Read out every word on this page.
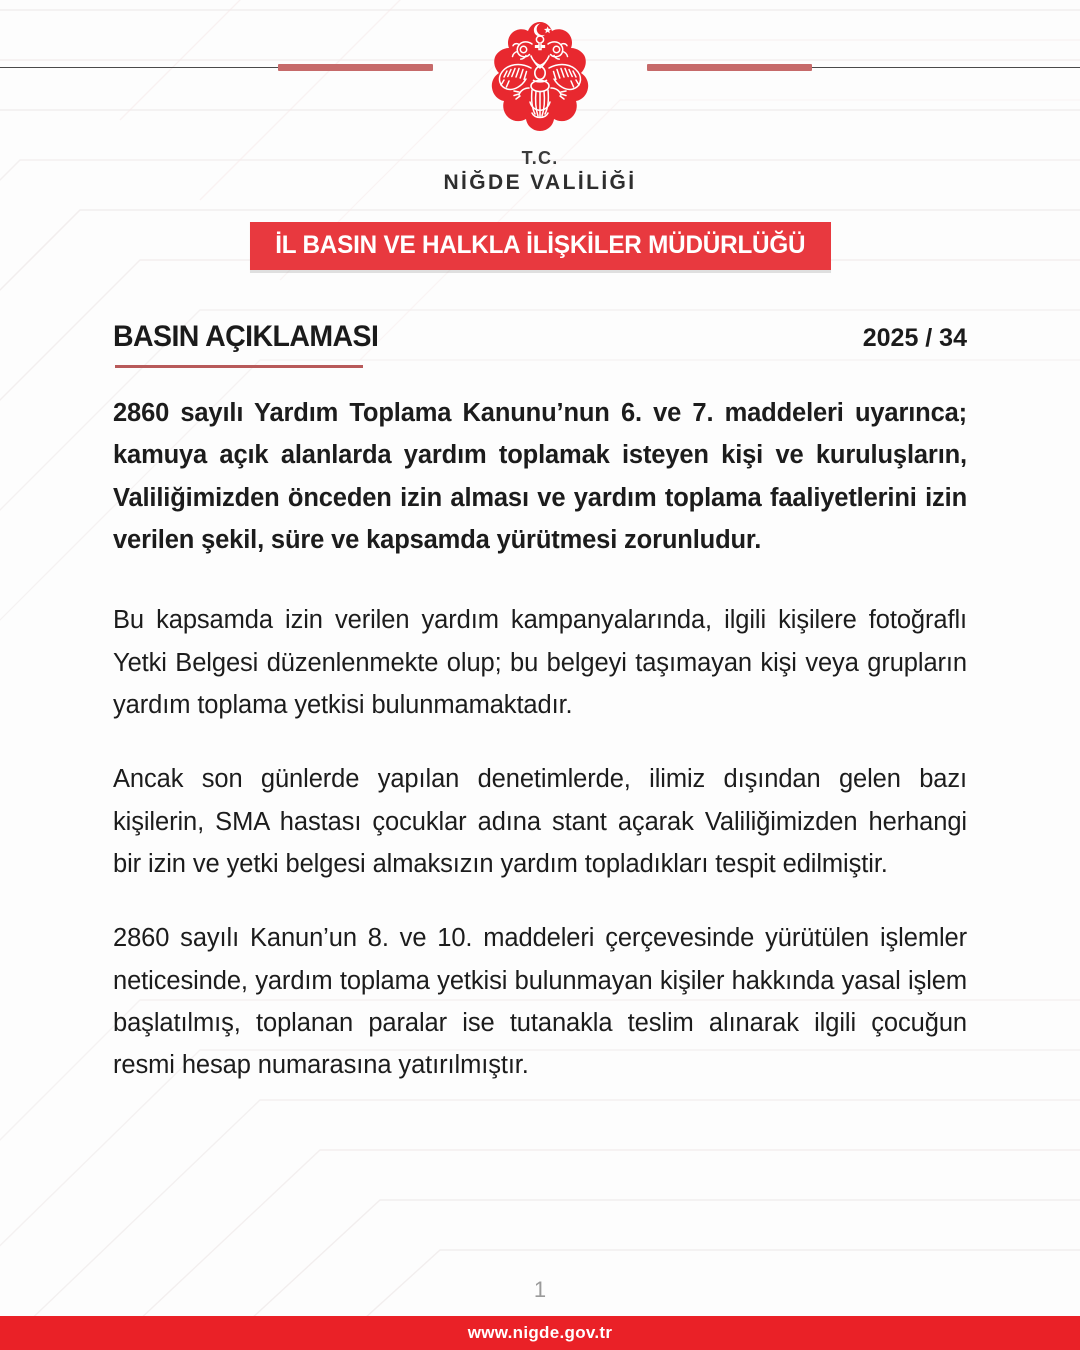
T.C.
NİĞDE VALİLİĞİ
İL BASIN VE HALKLA İLİŞKİLER MÜDÜRLÜĞÜ
BASIN AÇIKLAMASI	2025 / 34

2860 sayılı Yardım Toplama Kanunu’nun 6. ve 7. maddeleri uyarınca; kamuya açık alanlarda yardım toplamak isteyen kişi ve kuruluşların, Valiliğimizden önceden izin alması ve yardım toplama faaliyetlerini izin verilen şekil, süre ve kapsamda yürütmesi zorunludur.

Bu kapsamda izin verilen yardım kampanyalarında, ilgili kişilere fotoğraflı Yetki Belgesi düzenlenmekte olup; bu belgeyi taşımayan kişi veya grupların yardım toplama yetkisi bulunmamaktadır.

Ancak son günlerde yapılan denetimlerde, ilimiz dışından gelen bazı kişilerin, SMA hastası çocuklar adına stant açarak Valiliğimizden herhangi bir izin ve yetki belgesi almaksızın yardım topladıkları tespit edilmiştir.

2860 sayılı Kanun’un 8. ve 10. maddeleri çerçevesinde yürütülen işlemler neticesinde, yardım toplama yetkisi bulunmayan kişiler hakkında yasal işlem başlatılmış, toplanan paralar ise tutanakla teslim alınarak ilgili çocuğun resmi hesap numarasına yatırılmıştır.

1
www.nigde.gov.tr
